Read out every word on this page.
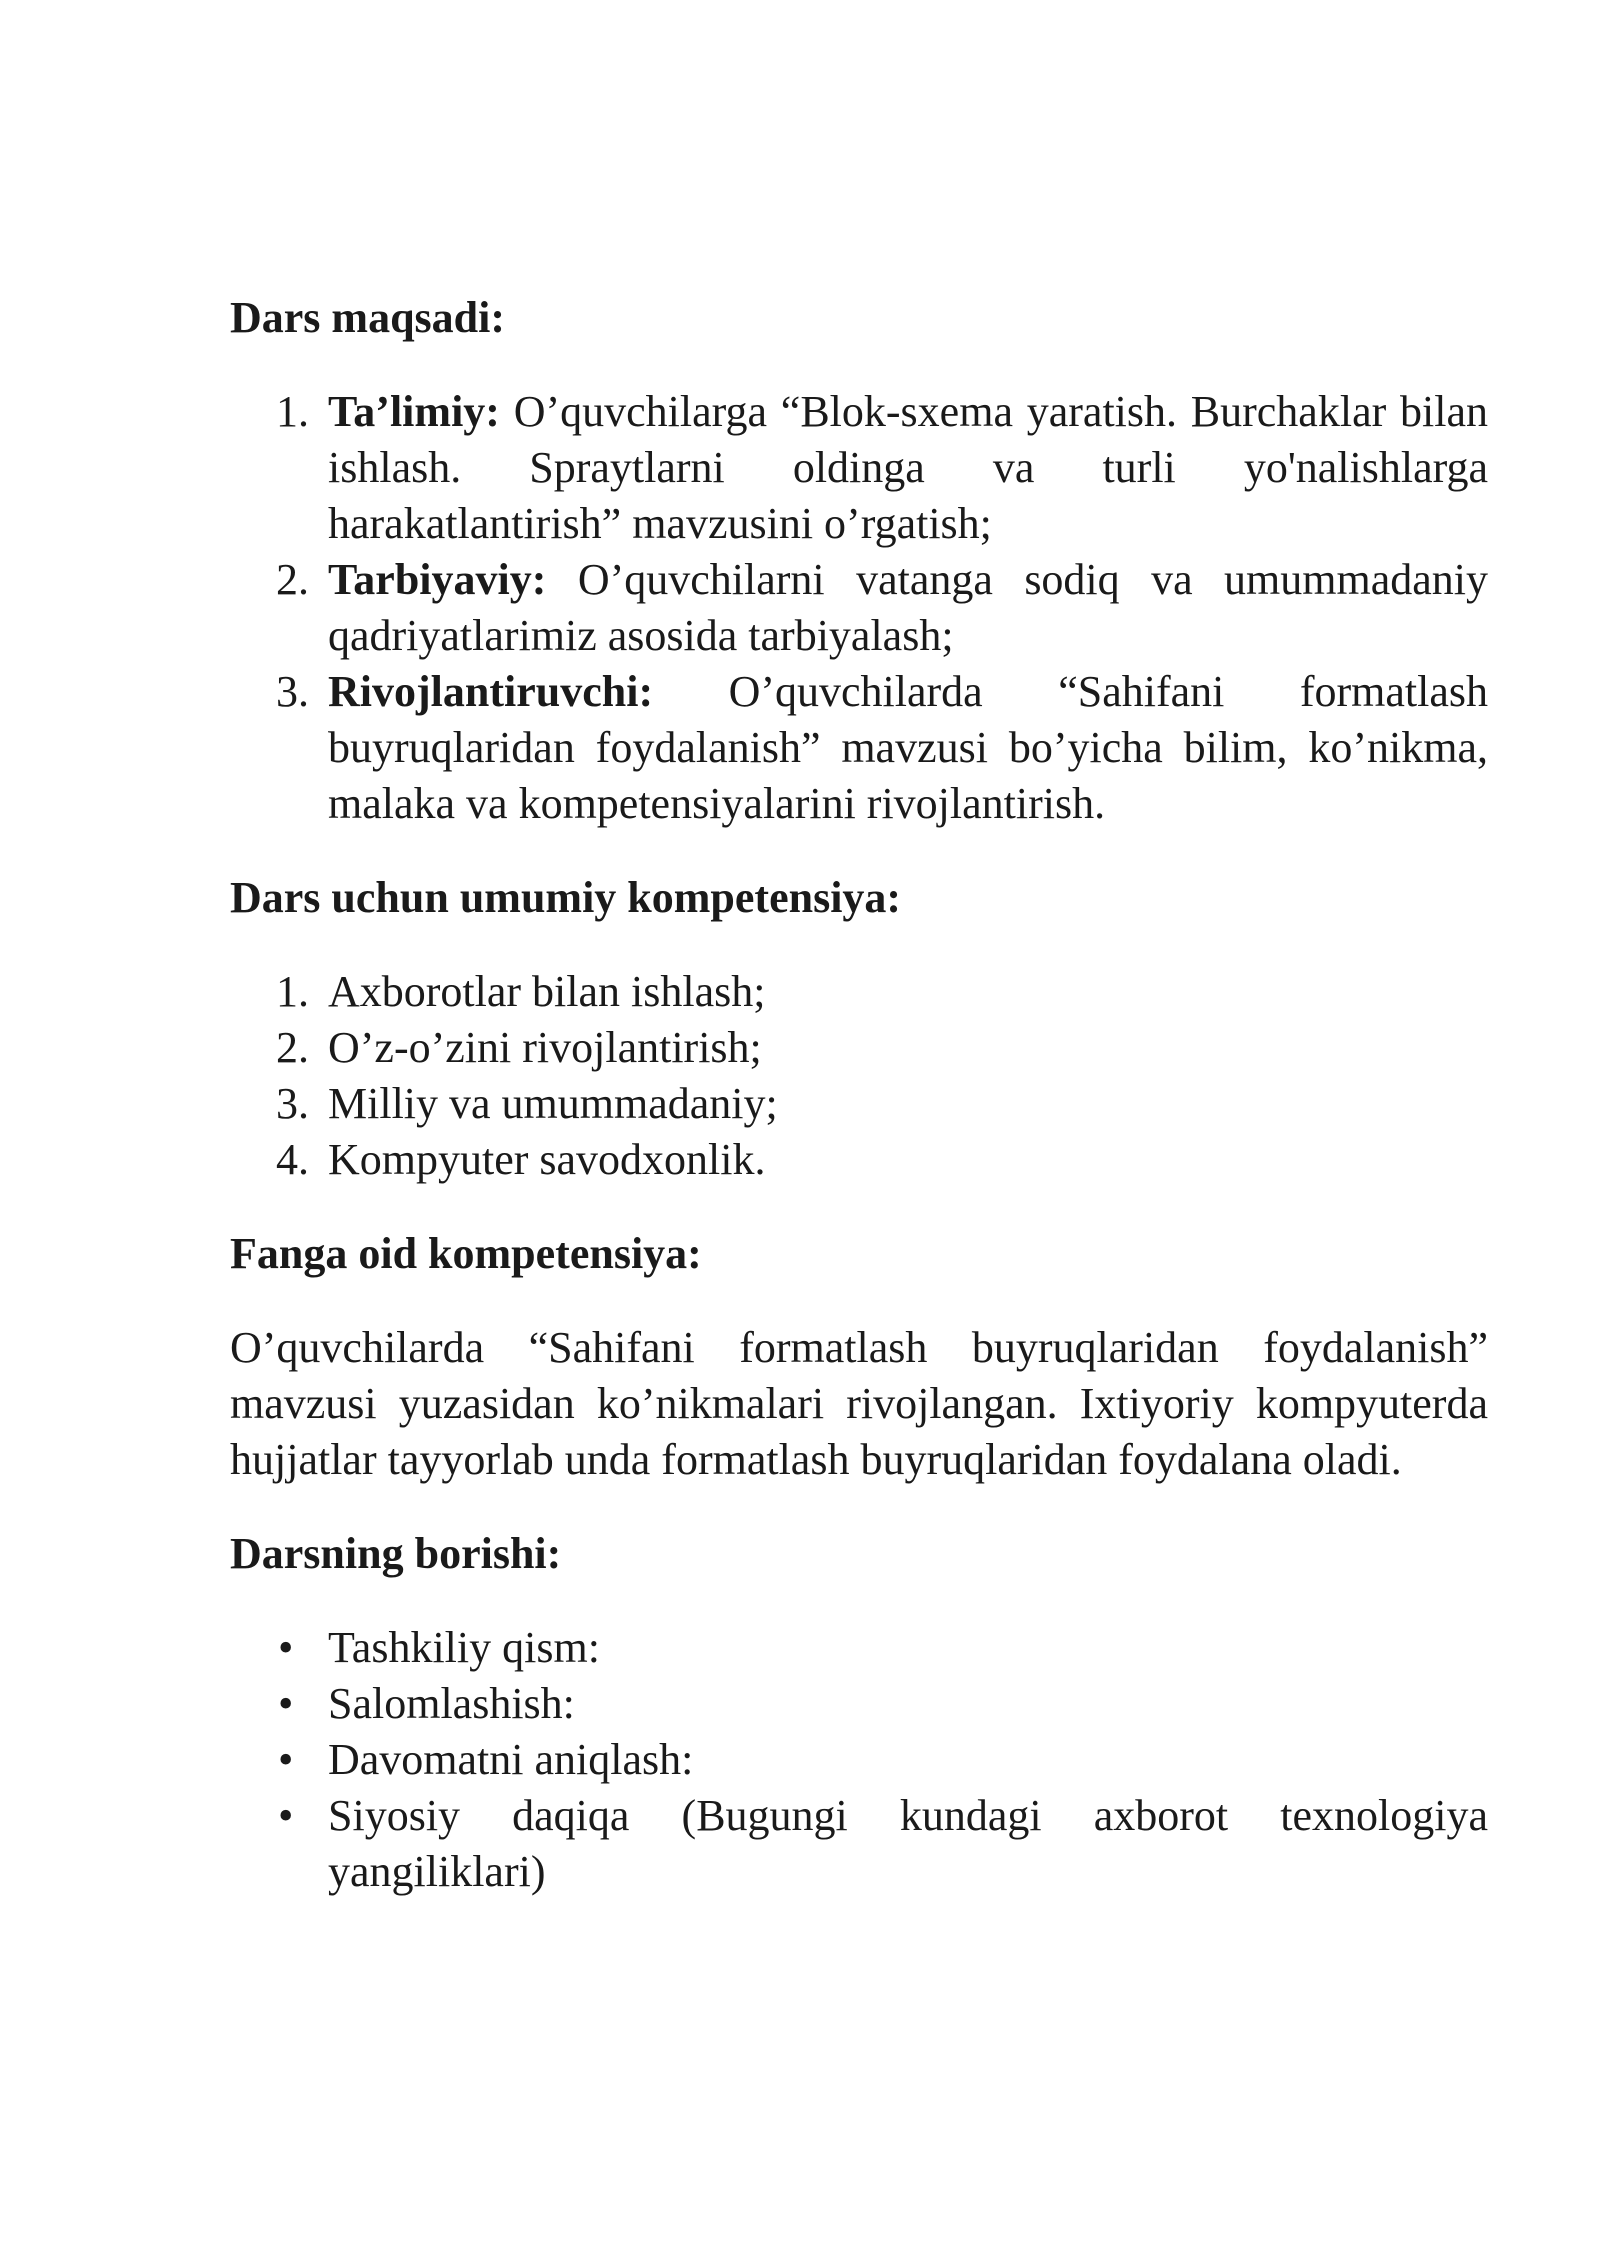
Dars maqsadi:
1. Ta’limiy: O’quvchilarga “Blok-sxema yaratish. Burchaklar bilan ishlash. Spraytlarni oldinga va turli yo'nalishlarga harakatlantirish” mavzusini o’rgatish;
2. Tarbiyaviy: O’quvchilarni vatanga sodiq va umummadaniy qadriyatlarimiz asosida tarbiyalash;
3. Rivojlantiruvchi: O’quvchilarda “Sahifani formatlash buyruqlaridan foydalanish” mavzusi bo’yicha bilim, ko’nikma, malaka va kompetensiyalarini rivojlantirish.
Dars uchun umumiy kompetensiya:
1. Axborotlar bilan ishlash;
2. O’z-o’zini rivojlantirish;
3. Milliy va umummadaniy;
4. Kompyuter savodxonlik.
Fanga oid kompetensiya:

O’quvchilarda “Sahifani formatlash buyruqlaridan foydalanish” mavzusi yuzasidan ko’nikmalari rivojlangan. Ixtiyoriy kompyuterda hujjatlar tayyorlab unda formatlash buyruqlaridan foydalana oladi.

Darsning borishi:
• Tashkiliy qism:
• Salomlashish:
• Davomatni aniqlash:
• Siyosiy daqiqa (Bugungi kundagi axborot texnologiya yangiliklari)
